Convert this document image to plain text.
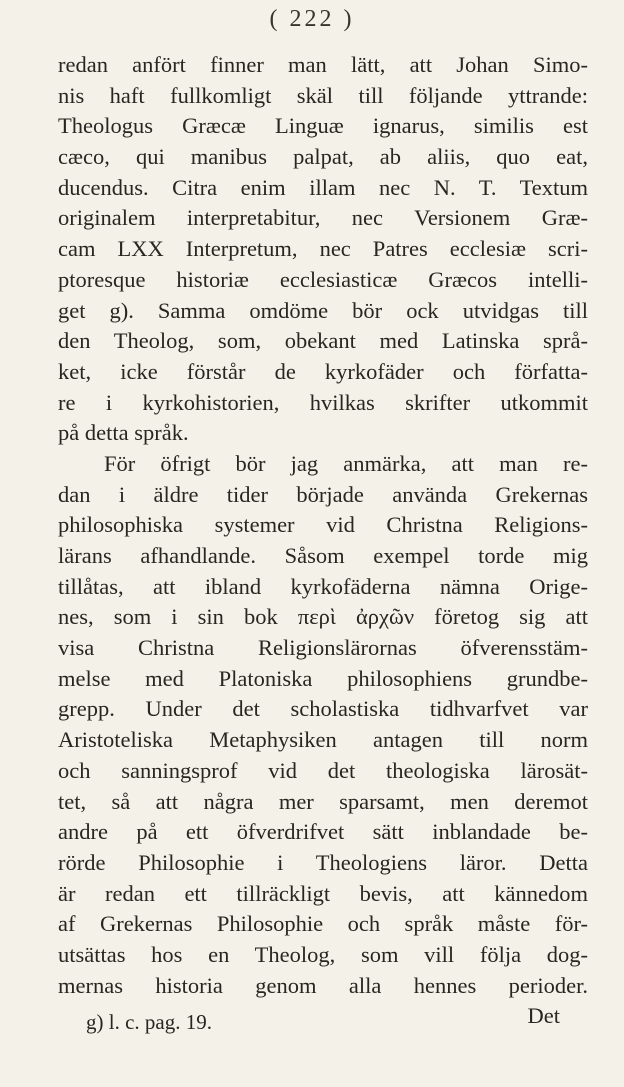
( 222 )
redan anfört finner man lätt, att Johan Simo-
nis haft fullkomligt skäl till följande yttrande:
Theologus Græcæ Linguæ ignarus, similis est
cæco, qui manibus palpat, ab aliis, quo eat,
ducendus. Citra enim illam nec N. T. Textum
originalem interpretabitur, nec Versionem Græ-
cam LXX Interpretum, nec Patres ecclesiæ scri-
ptoresque historiæ ecclesiasticæ Græcos intelli-
get g). Samma omdöme bör ock utvidgas till
den Theolog, som, obekant med Latinska språ-
ket, icke förstår de kyrkofäder och författa-
re i kyrkohistorien, hvilkas skrifter utkommit
på detta språk.
För öfrigt bör jag anmärka, att man re-
dan i äldre tider började använda Grekernas
philosophiska systemer vid Christna Religions-
lärans afhandlande. Såsom exempel torde mig
tillåtas, att ibland kyrkofäderna nämna Orige-
nes, som i sin bok περὶ ἀρχῶν företog sig att
visa Christna Religionslärornas öfverensstäm-
melse med Platoniska philosophiens grundbe-
grepp. Under det scholastiska tidhvarfvet var
Aristoteliska Metaphysiken antagen till norm
och sanningsprof vid det theologiska lärosät-
tet, så att några mer sparsamt, men deremot
andre på ett öfverdrifvet sätt inblandade be-
rörde Philosophie i Theologiens läror. Detta
är redan ett tillräckligt bevis, att kännedom
af Grekernas Philosophie och språk måste för-
utsättas hos en Theolog, som vill följa dog-
mernas historia genom alla hennes perioder.
Det
g) l. c. pag. 19.
